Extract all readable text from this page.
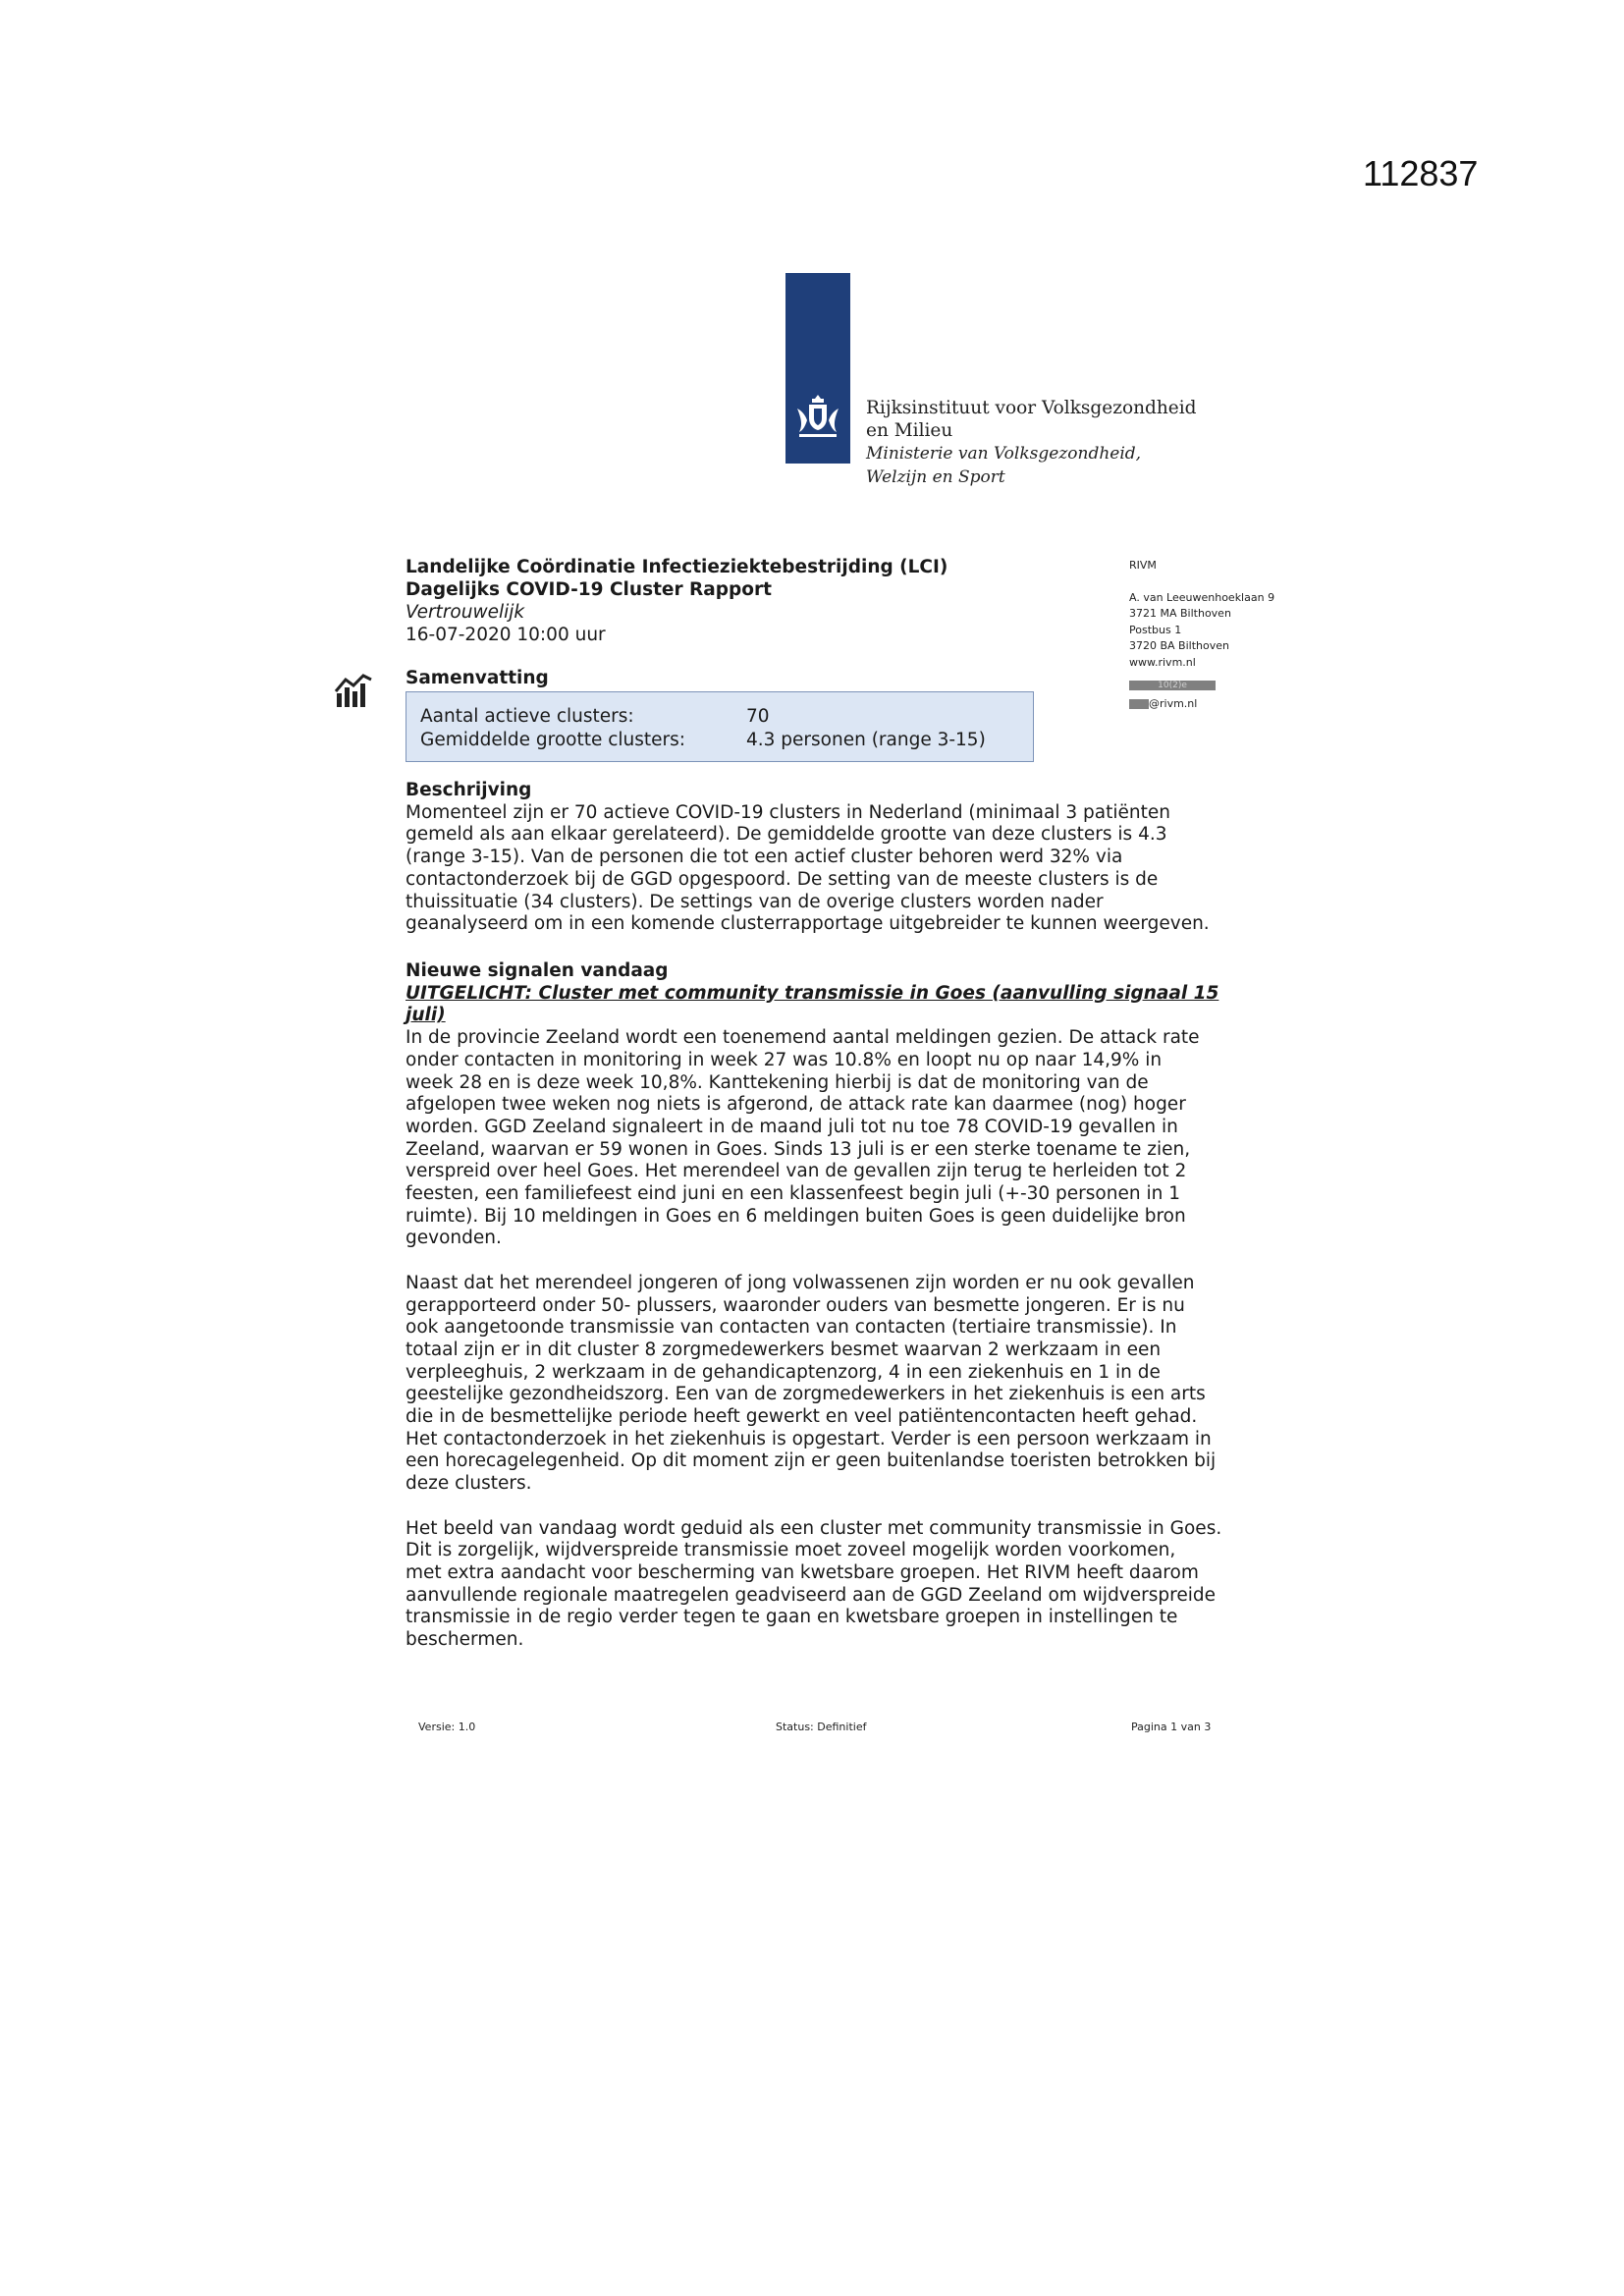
112837
Rijksinstituut voor Volksgezondheid
en Milieu
Ministerie van Volksgezondheid,
Welzijn en Sport
Landelijke Coördinatie Infectieziektebestrijding (LCI)
Dagelijks COVID-19 Cluster Rapport
Vertrouwelijk
16-07-2020 10:00 uur
RIVM
A. van Leeuwenhoeklaan 9
3721 MA Bilthoven
Postbus 1
3720 BA Bilthoven
www.rivm.nl
10(2)e
@rivm.nl
Samenvatting
Aantal actieve clusters:	70
Gemiddelde grootte clusters:	4.3 personen (range 3-15)
Beschrijving
Momenteel zijn er 70 actieve COVID-19 clusters in Nederland (minimaal 3 patiënten
gemeld als aan elkaar gerelateerd). De gemiddelde grootte van deze clusters is 4.3
(range 3-15). Van de personen die tot een actief cluster behoren werd 32% via
contactonderzoek bij de GGD opgespoord. De setting van de meeste clusters is de
thuissituatie (34 clusters). De settings van de overige clusters worden nader
geanalyseerd om in een komende clusterrapportage uitgebreider te kunnen weergeven.
Nieuwe signalen vandaag
UITGELICHT: Cluster met community transmissie in Goes (aanvulling signaal 15
juli)
In de provincie Zeeland wordt een toenemend aantal meldingen gezien. De attack rate
onder contacten in monitoring in week 27 was 10.8% en loopt nu op naar 14,9% in
week 28 en is deze week 10,8%. Kanttekening hierbij is dat de monitoring van de
afgelopen twee weken nog niets is afgerond, de attack rate kan daarmee (nog) hoger
worden. GGD Zeeland signaleert in de maand juli tot nu toe 78 COVID-19 gevallen in
Zeeland, waarvan er 59 wonen in Goes. Sinds 13 juli is er een sterke toename te zien,
verspreid over heel Goes. Het merendeel van de gevallen zijn terug te herleiden tot 2
feesten, een familiefeest eind juni en een klassenfeest begin juli (+-30 personen in 1
ruimte). Bij 10 meldingen in Goes en 6 meldingen buiten Goes is geen duidelijke bron
gevonden.
Naast dat het merendeel jongeren of jong volwassenen zijn worden er nu ook gevallen
gerapporteerd onder 50- plussers, waaronder ouders van besmette jongeren. Er is nu
ook aangetoonde transmissie van contacten van contacten (tertiaire transmissie). In
totaal zijn er in dit cluster 8 zorgmedewerkers besmet waarvan 2 werkzaam in een
verpleeghuis, 2 werkzaam in de gehandicaptenzorg, 4 in een ziekenhuis en 1 in de
geestelijke gezondheidszorg. Een van de zorgmedewerkers in het ziekenhuis is een arts
die in de besmettelijke periode heeft gewerkt en veel patiëntencontacten heeft gehad.
Het contactonderzoek in het ziekenhuis is opgestart. Verder is een persoon werkzaam in
een horecagelegenheid. Op dit moment zijn er geen buitenlandse toeristen betrokken bij
deze clusters.
Het beeld van vandaag wordt geduid als een cluster met community transmissie in Goes.
Dit is zorgelijk, wijdverspreide transmissie moet zoveel mogelijk worden voorkomen,
met extra aandacht voor bescherming van kwetsbare groepen. Het RIVM heeft daarom
aanvullende regionale maatregelen geadviseerd aan de GGD Zeeland om wijdverspreide
transmissie in de regio verder tegen te gaan en kwetsbare groepen in instellingen te
beschermen.
Versie: 1.0	Status: Definitief	Pagina 1 van 3
